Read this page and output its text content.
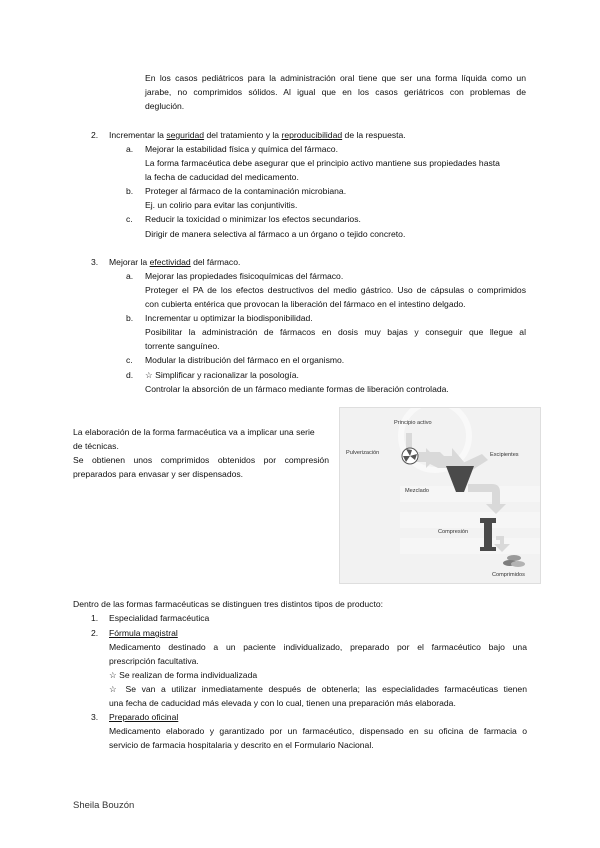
En los casos pediátricos para la administración oral tiene que ser una forma líquida como un
jarabe, no comprimidos sólidos. Al igual que en los casos geriátricos con problemas de
deglución.
2. Incrementar la seguridad del tratamiento y la reproducibilidad de la respuesta.
a. Mejorar la estabilidad física y química del fármaco.
La forma farmacéutica debe asegurar que el principio activo mantiene sus propiedades hasta
la fecha de caducidad del medicamento.
b. Proteger al fármaco de la contaminación microbiana.
Ej. un colirio para evitar las conjuntivitis.
c. Reducir la toxicidad o minimizar los efectos secundarios.
Dirigir de manera selectiva al fármaco a un órgano o tejido concreto.
3. Mejorar la efectividad del fármaco.
a. Mejorar las propiedades fisicoquímicas del fármaco.
Proteger el PA de los efectos destructivos del medio gástrico. Uso de cápsulas o comprimidos
con cubierta entérica que provocan la liberación del fármaco en el intestino delgado.
b. Incrementar u optimizar la biodisponibilidad.
Posibilitar la administración de fármacos en dosis muy bajas y conseguir que llegue al
torrente sanguíneo.
c. Modular la distribución del fármaco en el organismo.
d. ☆ Simplificar y racionalizar la posología.
Controlar la absorción de un fármaco mediante formas de liberación controlada.
La elaboración de la forma farmacéutica va a implicar una serie
de técnicas.
Se obtienen unos comprimidos obtenidos por compresión
preparados para envasar y ser dispensados.
Principio activo
Pulverización	Excipientes
Mezclado
Compresión
Comprimidos
Dentro de las formas farmacéuticas se distinguen tres distintos tipos de producto:
1. Especialidad farmacéutica
2. Fórmula magistral
Medicamento destinado a un paciente individualizado, preparado por el farmacéutico bajo una
prescripción facultativa.
☆ Se realizan de forma individualizada
☆ Se van a utilizar inmediatamente después de obtenerla; las especialidades farmacéuticas tienen
una fecha de caducidad más elevada y con lo cual, tienen una preparación más elaborada.
3. Preparado oficinal
Medicamento elaborado y garantizado por un farmacéutico, dispensado en su oficina de farmacia o
servicio de farmacia hospitalaria y descrito en el Formulario Nacional.
Sheila Bouzón
